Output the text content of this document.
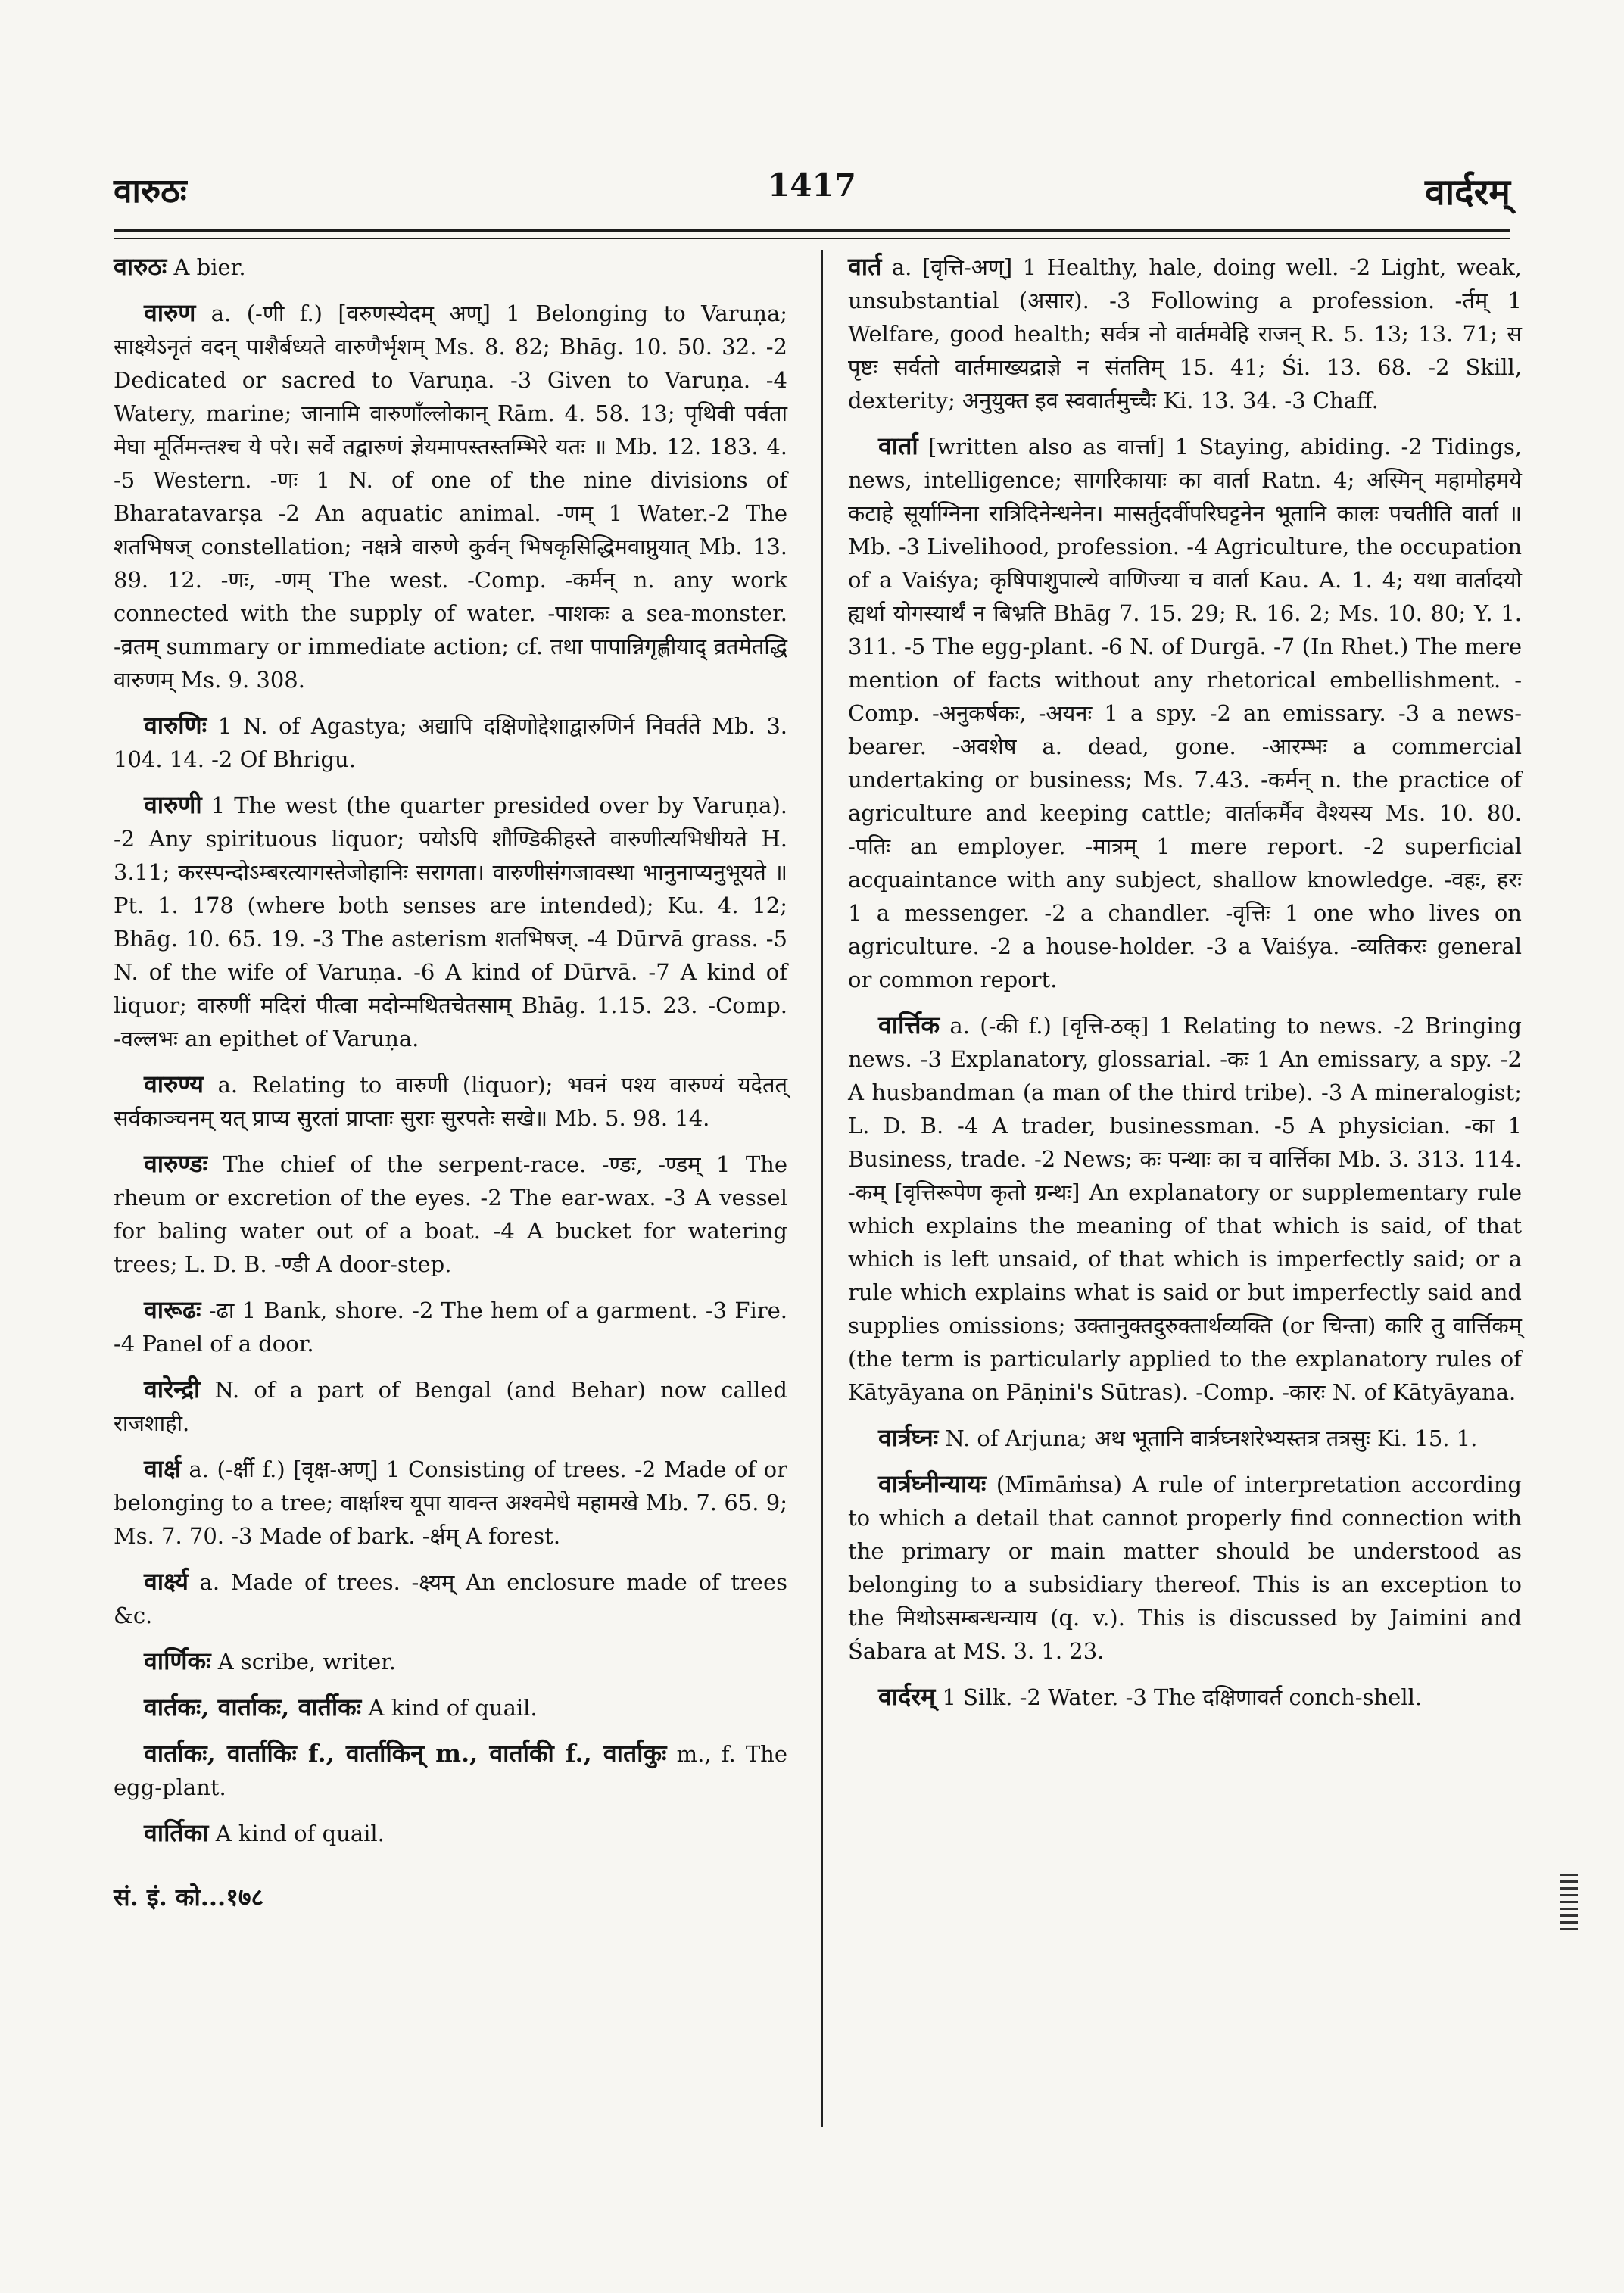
वारुठः	1417	वार्दरम्

वारुठः A bier.

वारुण a. (-णी f.) [वरुणस्येदम् अण्] 1 Belonging to Varuṇa; साक्ष्येऽनृतं वदन् पाशैर्बध्यते वारुणैर्भृशम् Ms. 8. 82; Bhāg. 10. 50. 32. -2 Dedicated or sacred to Varuṇa. -3 Given to Varuṇa. -4 Watery, marine; जानामि वारुणाँल्लोकान् Rām. 4. 58. 13; पृथिवी पर्वता मेघा मूर्तिमन्तश्च ये परे। सर्वे तद्वारुणं ज्ञेयमापस्तस्तम्भिरे यतः ॥ Mb. 12. 183. 4. -5 Western. -णः 1 N. of one of the nine divisions of Bharatavarṣa -2 An aquatic animal. -णम् 1 Water.-2 The शतभिषज् constellation; नक्षत्रे वारुणे कुर्वन् भिषकृसिद्धिमवाप्नुयात् Mb. 13. 89. 12. -णः, -णम् The west. -Comp. -कर्मन् n. any work connected with the supply of water. -पाशकः a sea-monster. -व्रतम् summary or immediate action; cf. तथा पापान्निगृह्णीयाद् व्रतमेतद्धि वारुणम् Ms. 9. 308.

वारुणिः 1 N. of Agastya; अद्यापि दक्षिणोद्देशाद्वारुणिर्न निवर्तते Mb. 3. 104. 14. -2 Of Bhrigu.

वारुणी 1 The west (the quarter presided over by Varuṇa). -2 Any spirituous liquor; पयोऽपि शौण्डिकीहस्ते वारुणीत्यभिधीयते H. 3.11; करस्पन्दोऽम्बरत्यागस्तेजोहानिः सरागता। वारुणीसंगजावस्था भानुनाप्यनुभूयते ॥ Pt. 1. 178 (where both senses are intended); Ku. 4. 12; Bhāg. 10. 65. 19. -3 The asterism शतभिषज्. -4 Dūrvā grass. -5 N. of the wife of Varuṇa. -6 A kind of Dūrvā. -7 A kind of liquor; वारुणीं मदिरां पीत्वा मदोन्मथितचेतसाम् Bhāg. 1.15. 23. -Comp. -वल्लभः an epithet of Varuṇa.

वारुण्य a. Relating to वारुणी (liquor); भवनं पश्य वारुण्यं यदेतत् सर्वकाञ्चनम् यत् प्राप्य सुरतां प्राप्ताः सुराः सुरपतेः सखे॥ Mb. 5. 98. 14.

वारुण्डः The chief of the serpent-race. -ण्डः, -ण्डम् 1 The rheum or excretion of the eyes. -2 The ear-wax. -3 A vessel for baling water out of a boat. -4 A bucket for watering trees; L. D. B. -ण्डी A door-step.

वारूढः -ढा 1 Bank, shore. -2 The hem of a garment. -3 Fire. -4 Panel of a door.

वारेन्द्री N. of a part of Bengal (and Behar) now called राजशाही.

वार्क्ष a. (-र्क्षी f.) [वृक्ष-अण्] 1 Consisting of trees. -2 Made of or belonging to a tree; वार्क्षाश्च यूपा यावन्त अश्वमेधे महामखे Mb. 7. 65. 9; Ms. 7. 70. -3 Made of bark. -र्क्षम् A forest.

वार्क्ष्य a. Made of trees. -क्ष्यम् An enclosure made of trees &c.

वार्णिकः A scribe, writer.

वार्तकः, वार्ताकः, वार्तीकः A kind of quail.

वार्ताकः, वार्ताकिः f., वार्ताकिन् m., वार्ताकी f., वार्ताकुः m., f. The egg-plant.

वार्तिका A kind of quail.

सं. इं. को...१७८

वार्त a. [वृत्ति-अण्] 1 Healthy, hale, doing well. -2 Light, weak, unsubstantial (असार). -3 Following a profession. -र्तम् 1 Welfare, good health; सर्वत्र नो वार्तमवेहि राजन् R. 5. 13; 13. 71; स पृष्टः सर्वतो वार्तमाख्यद्राज्ञे न संततिम् 15. 41; Śi. 13. 68. -2 Skill, dexterity; अनुयुक्त इव स्ववार्तमुच्चैः Ki. 13. 34. -3 Chaff.

वार्ता [written also as वार्त्ता] 1 Staying, abiding. -2 Tidings, news, intelligence; सागरिकायाः का वार्ता Ratn. 4; अस्मिन् महामोहमये कटाहे सूर्याग्निना रात्रिदिनेन्धनेन। मासर्तुदर्वीपरिघट्टनेन भूतानि कालः पचतीति वार्ता ॥ Mb. -3 Livelihood, profession. -4 Agriculture, the occupation of a Vaiśya; कृषिपाशुपाल्ये वाणिज्या च वार्ता Kau. A. 1. 4; यथा वार्तादयो ह्यर्था योगस्यार्थं न बिभ्रति Bhāg 7. 15. 29; R. 16. 2; Ms. 10. 80; Y. 1. 311. -5 The egg-plant. -6 N. of Durgā. -7 (In Rhet.) The mere mention of facts without any rhetorical embellishment. -Comp. -अनुकर्षकः, -अयनः 1 a spy. -2 an emissary. -3 a news-bearer. -अवशेष a. dead, gone. -आरम्भः a commercial undertaking or business; Ms. 7.43. -कर्मन् n. the practice of agriculture and keeping cattle; वार्ताकर्मैव वैश्यस्य Ms. 10. 80. -पतिः an employer. -मात्रम् 1 mere report. -2 superficial acquaintance with any subject, shallow knowledge. -वहः, हरः 1 a messenger. -2 a chandler. -वृत्तिः 1 one who lives on agriculture. -2 a house-holder. -3 a Vaiśya. -व्यतिकरः general or common report.

वार्त्तिक a. (-की f.) [वृत्ति-ठक्] 1 Relating to news. -2 Bringing news. -3 Explanatory, glossarial. -कः 1 An emissary, a spy. -2 A husbandman (a man of the third tribe). -3 A mineralogist; L. D. B. -4 A trader, businessman. -5 A physician. -का 1 Business, trade. -2 News; कः पन्थाः का च वार्त्तिका Mb. 3. 313. 114. -कम् [वृत्तिरूपेण कृतो ग्रन्थः] An explanatory or supplementary rule which explains the meaning of that which is said, of that which is left unsaid, of that which is imperfectly said; or a rule which explains what is said or but imperfectly said and supplies omissions; उक्तानुक्तदुरुक्तार्थव्यक्ति (or चिन्ता) कारि तु वार्त्तिकम् (the term is particularly applied to the explanatory rules of Kātyāyana on Pāṇini's Sūtras). -Comp. -कारः N. of Kātyāyana.

वार्त्रघ्नः N. of Arjuna; अथ भूतानि वार्त्रघ्नशरेभ्यस्तत्र तत्रसुः Ki. 15. 1.

वार्त्रघ्नीन्यायः (Mīmāṁsa) A rule of interpretation according to which a detail that cannot properly find connection with the primary or main matter should be understood as belonging to a subsidiary thereof. This is an exception to the मिथोऽसम्बन्धन्याय (q. v.). This is discussed by Jaimini and Śabara at MS. 3. 1. 23.

वार्दरम् 1 Silk. -2 Water. -3 The दक्षिणावर्त conch-shell.
